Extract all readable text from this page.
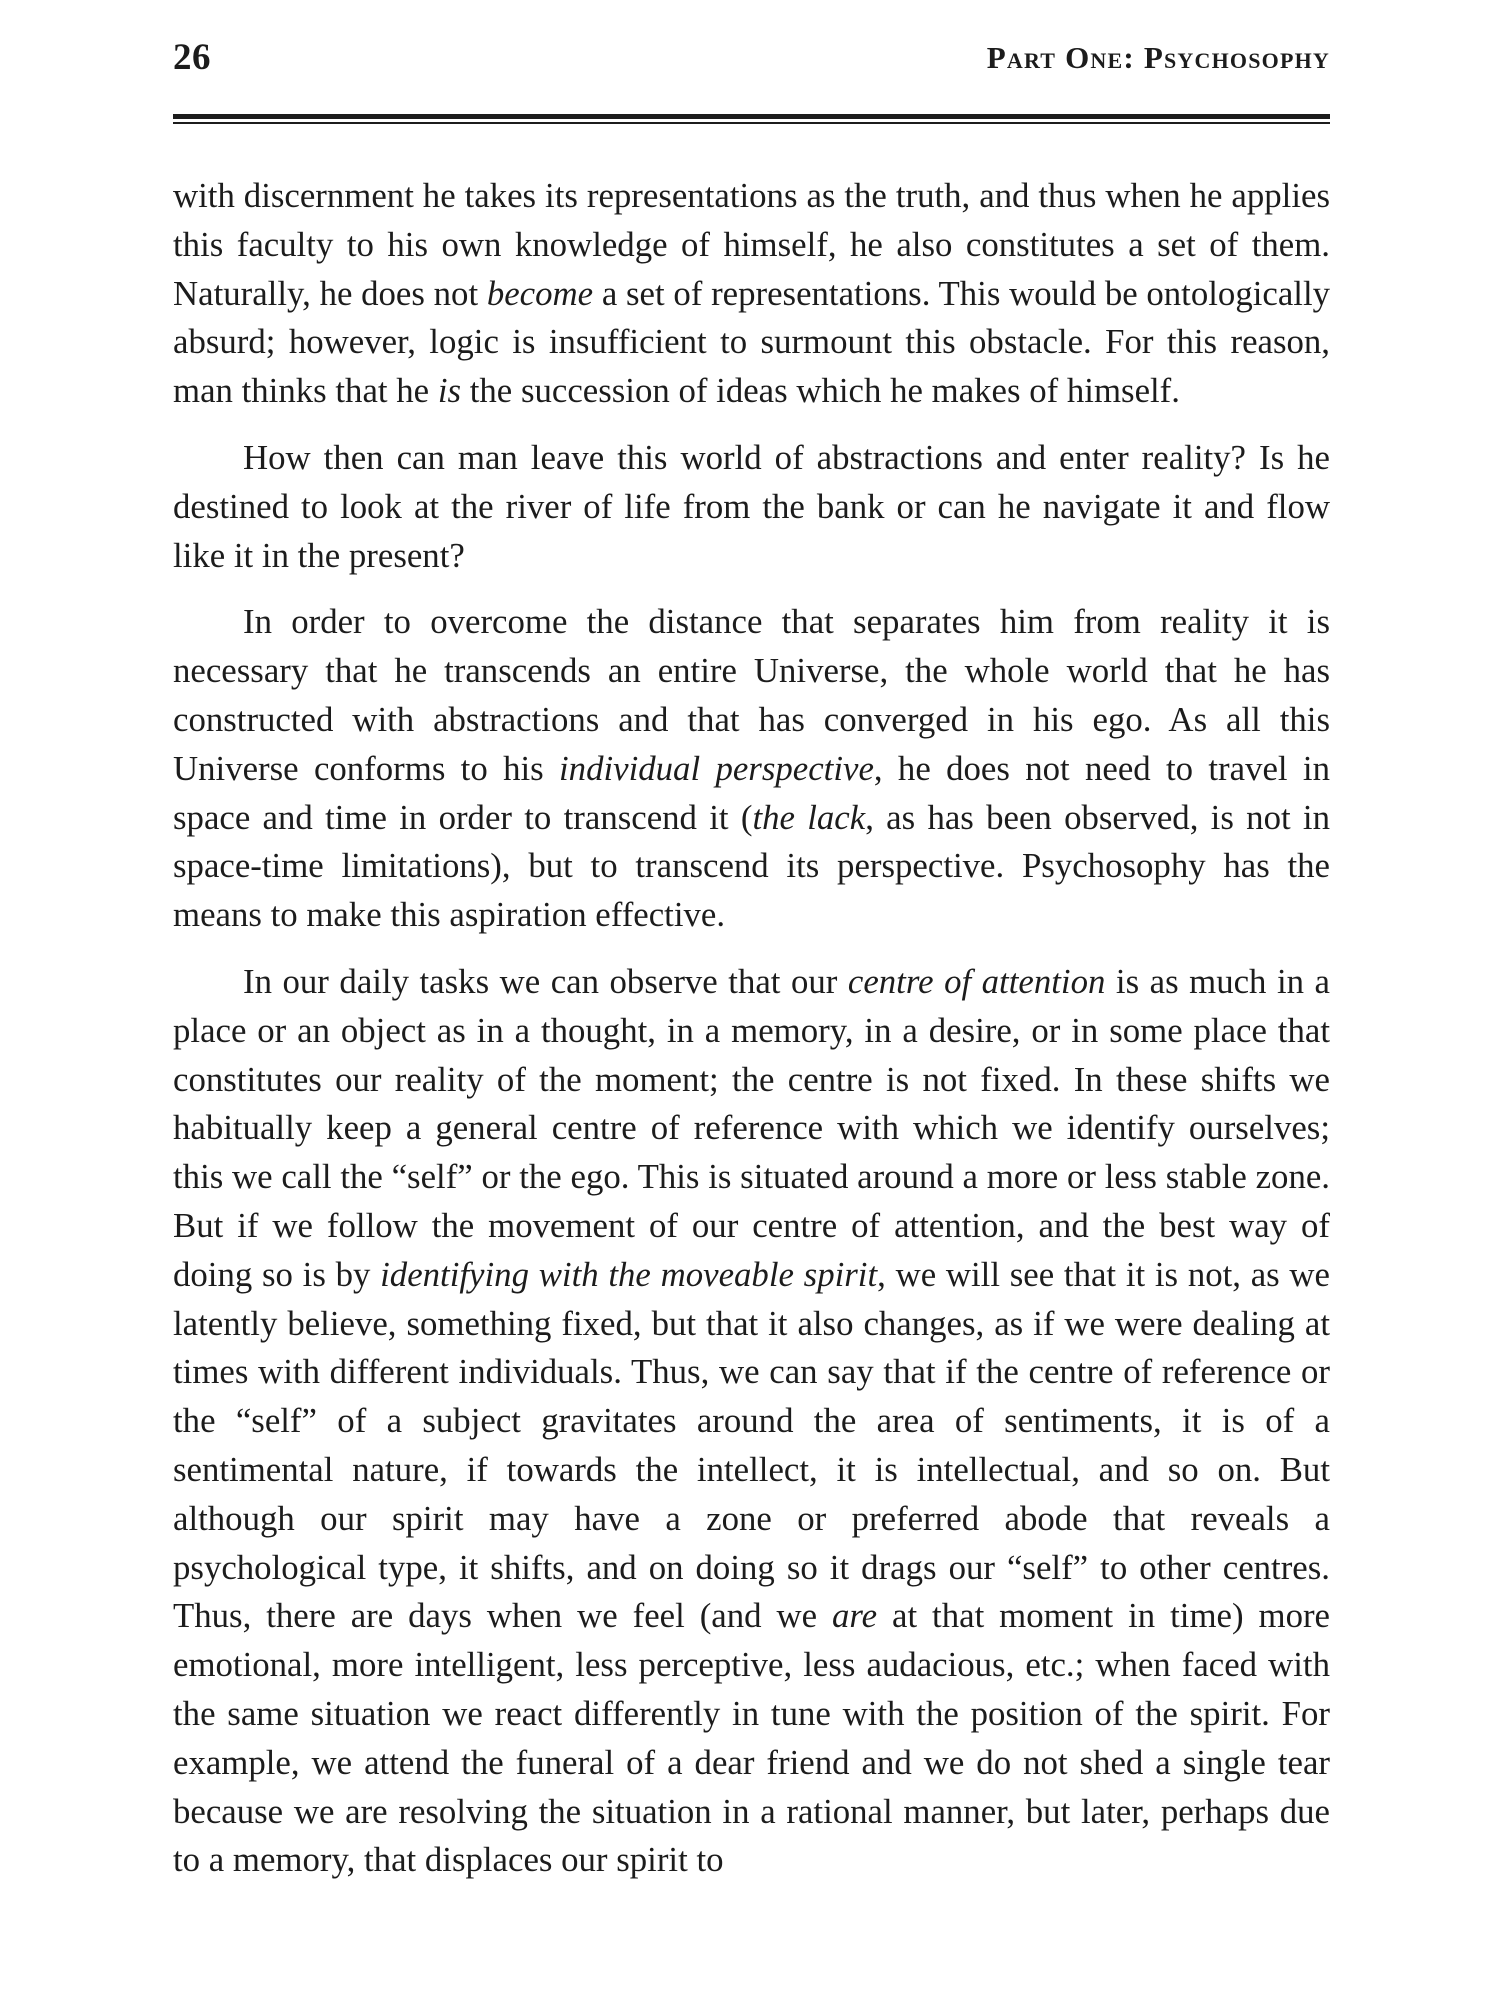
26	Part One: Psychosophy

with discernment he takes its representations as the truth, and thus when he applies this faculty to his own knowledge of himself, he also constitutes a set of them. Naturally, he does not become a set of representations. This would be ontologically absurd; however, logic is insufficient to surmount this obstacle. For this reason, man thinks that he is the succession of ideas which he makes of himself.

How then can man leave this world of abstractions and enter reality? Is he destined to look at the river of life from the bank or can he navigate it and flow like it in the present?

In order to overcome the distance that separates him from reality it is necessary that he transcends an entire Universe, the whole world that he has constructed with abstractions and that has converged in his ego. As all this Universe conforms to his individual perspective, he does not need to travel in space and time in order to transcend it (the lack, as has been observed, is not in space-time limitations), but to transcend its perspective. Psychosophy has the means to make this aspiration effective.

In our daily tasks we can observe that our centre of attention is as much in a place or an object as in a thought, in a memory, in a desire, or in some place that constitutes our reality of the moment; the centre is not fixed. In these shifts we habitually keep a general centre of reference with which we identify ourselves; this we call the “self” or the ego. This is situated around a more or less stable zone. But if we follow the movement of our centre of attention, and the best way of doing so is by identifying with the moveable spirit, we will see that it is not, as we latently believe, something fixed, but that it also changes, as if we were dealing at times with different individuals. Thus, we can say that if the centre of reference or the “self” of a subject gravitates around the area of sentiments, it is of a sentimental nature, if towards the intellect, it is intellectual, and so on. But although our spirit may have a zone or preferred abode that reveals a psychological type, it shifts, and on doing so it drags our “self” to other centres. Thus, there are days when we feel (and we are at that moment in time) more emotional, more intelligent, less perceptive, less audacious, etc.; when faced with the same situation we react differently in tune with the position of the spirit. For example, we attend the funeral of a dear friend and we do not shed a single tear because we are resolving the situation in a rational manner, but later, perhaps due to a memory, that displaces our spirit to
